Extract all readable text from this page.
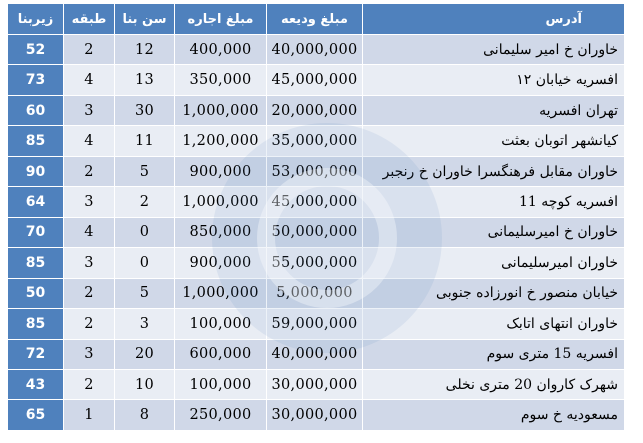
زیربنا	طبقه	سن بنا	مبلغ اجاره	مبلغ ودیعه	آدرس
52	2	12	400,000	40,000,000	خاوران خ امیر سلیمانی
73	4	13	350,000	45,000,000	افسریه خیابان ۱۲
60	3	30	1,000,000	20,000,000	تهران افسریه
85	4	11	1,200,000	35,000,000	کیانشهر اتوبان بعثت
90	2	5	900,000	53,000,000	خاوران مقابل فرهنگسرا خاوران خ رنجبر
64	3	2	1,000,000	45,000,000	افسریه کوچه 11
70	4	0	850,000	50,000,000	خاوران خ امیرسلیمانی
85	3	0	900,000	55,000,000	خاوران امیرسلیمانی
50	2	5	1,000,000	5,000,000	خیابان منصور خ انورزاده جنوبی
85	2	3	100,000	59,000,000	خاوران انتهای اتابک
72	3	20	600,000	40,000,000	افسریه 15 متری سوم
43	2	10	100,000	30,000,000	شهرک کاروان 20 متری نخلی
65	1	8	250,000	30,000,000	مسعودیه خ سوم
